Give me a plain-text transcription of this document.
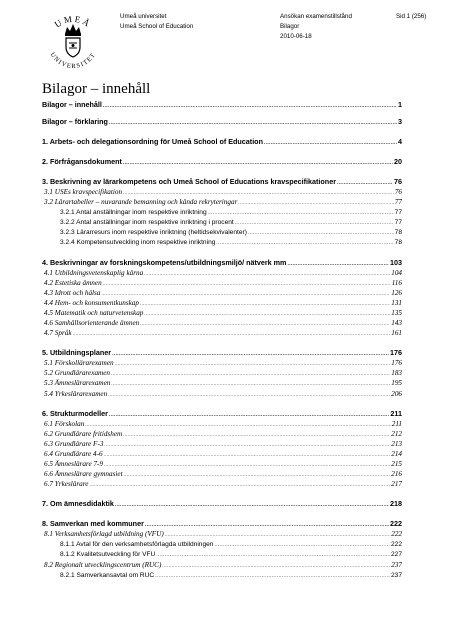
UMEÅ
UNIVERSITET
Umeå universitet
Umeå School of Education
Ansökan examenstillstånd
Bilagor
2010-06-18
Sid 1 (256)
Bilagor – innehåll
Bilagor – innehåll .....	1
Bilagor – förklaring .....	3
1. Arbets- och delegationsordning för Umeå School of Education .....	4
2. Förfrågansdokument .....	20
3. Beskrivning av lärarkompetens och Umeå School of Educations kravspecifikationer .....	76
3.1 USEs kravspecifikation .....	76
3.2 Lärartabeller – nuvarande bemanning och kända rekryteringar .....	77
3.2.1 Antal anställningar inom respektive inriktning .....	77
3.2.2 Antal anställningar inom respektive inriktning i procent .....	77
3.2.3 Lärarresurs inom respektive inriktning (heltidsekvivalenter) .....	78
3.2.4 Kompetensutveckling inom respektive inriktning .....	78
4. Beskrivningar av forskningskompetens/utbildningsmiljö/ nätverk mm .....	103
4.1 Utbildningsvetenskaplig kärna .....	104
4.2 Estetiska ämnen .....	116
4.3 Idrott och hälsa .....	126
4.4 Hem- och konsumentkunskap .....	131
4.5 Matematik och naturvetenskap .....	135
4.6 Samhällsorienterande ämnen .....	143
4.7 Språk .....	161
5. Utbildningsplaner .....	176
5.1 Förskollärarexamen .....	176
5.2 Grundlärarexamen .....	183
5.3 Ämneslärarexamen .....	195
5.4 Yrkeslärarexamen .....	206
6. Strukturmodeller .....	211
6.1 Förskolan .....	211
6.2 Grundlärare fritidshem .....	212
6.3 Grundlärare F-3 .....	213
6.4 Grundlärare 4-6 .....	214
6.5 Ämneslärare 7-9 .....	215
6.6 Ämneslärare gymnasiet .....	216
6.7 Yrkeslärare .....	217
7. Om ämnesdidaktik .....	218
8. Samverkan med kommuner .....	222
8.1 Verksamhetsförlagd utbildning (VFU) .....	222
8.1.1 Avtal för den verksamhetsförlagda utbildningen .....	222
8.1.2 Kvalitetsutveckling för VFU .....	227
8.2 Regionalt utvecklingscentrum (RUC) .....	237
8.2.1 Samverkansavtal om RUC .....	237
